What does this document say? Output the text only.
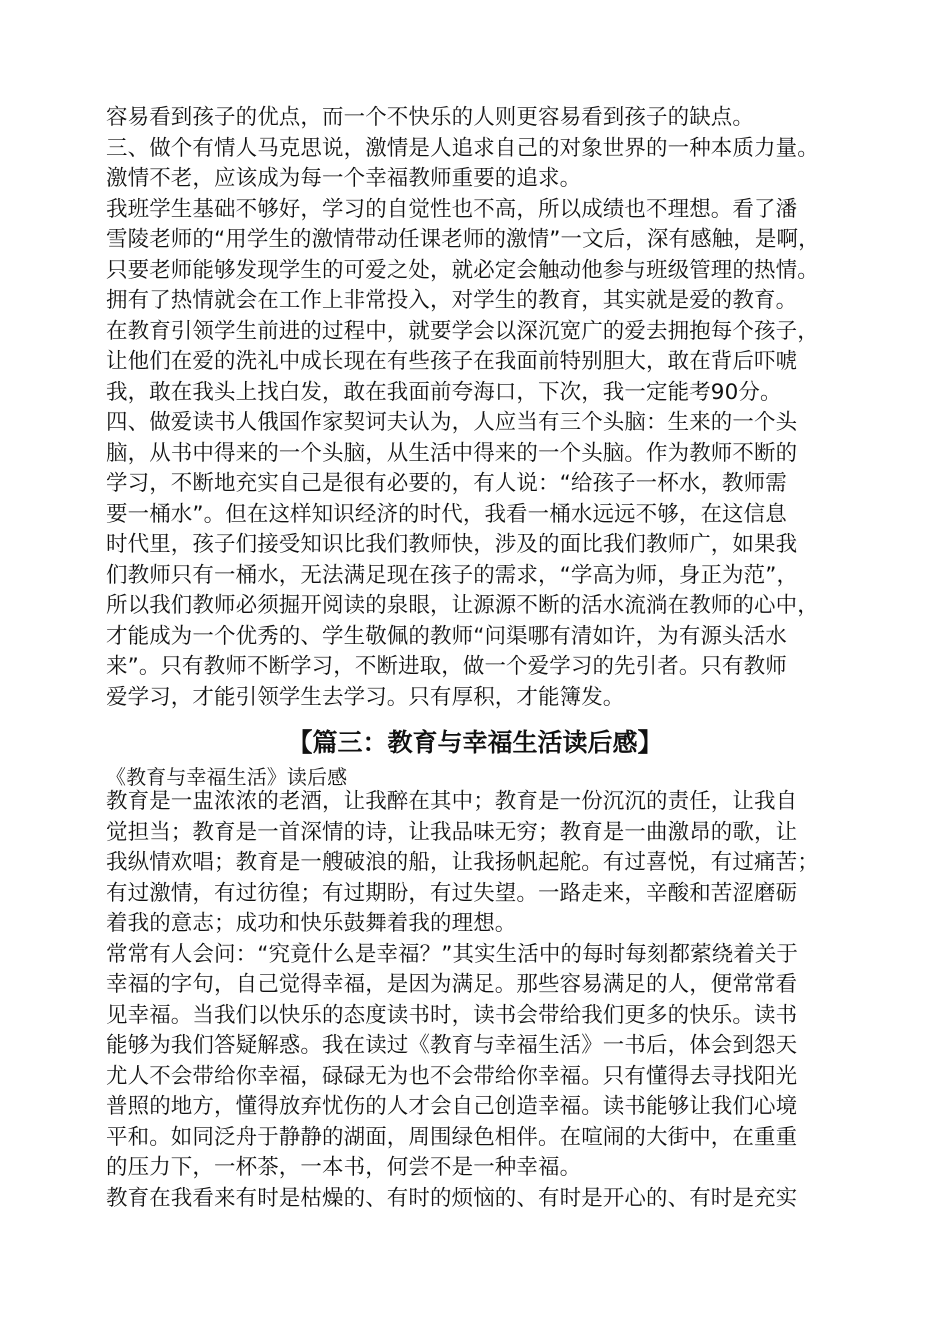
容易看到孩子的优点，而一个不快乐的人则更容易看到孩子的缺点。
三、做个有情人马克思说，激情是人追求自己的对象世界的一种本质力量。
激情不老，应该成为每一个幸福教师重要的追求。
我班学生基础不够好，学习的自觉性也不高，所以成绩也不理想。看了潘
雪陵老师的“用学生的激情带动任课老师的激情”一文后，深有感触，是啊，
只要老师能够发现学生的可爱之处，就必定会触动他参与班级管理的热情。
拥有了热情就会在工作上非常投入，对学生的教育，其实就是爱的教育。
在教育引领学生前进的过程中，就要学会以深沉宽广的爱去拥抱每个孩子，
让他们在爱的洗礼中成长现在有些孩子在我面前特别胆大，敢在背后吓唬
我，敢在我头上找白发，敢在我面前夸海口，下次，我一定能考90分。
四、做爱读书人俄国作家契诃夫认为，人应当有三个头脑：生来的一个头
脑，从书中得来的一个头脑，从生活中得来的一个头脑。作为教师不断的
学习，不断地充实自己是很有必要的，有人说：“给孩子一杯水，教师需
要一桶水”。但在这样知识经济的时代，我看一桶水远远不够，在这信息
时代里，孩子们接受知识比我们教师快，涉及的面比我们教师广，如果我
们教师只有一桶水，无法满足现在孩子的需求，“学高为师，身正为范”，
所以我们教师必须掘开阅读的泉眼，让源源不断的活水流淌在教师的心中，
才能成为一个优秀的、学生敬佩的教师“问渠哪有清如许，为有源头活水
来”。只有教师不断学习，不断进取，做一个爱学习的先引者。只有教师
爱学习，才能引领学生去学习。只有厚积，才能簿发。
【篇三：教育与幸福生活读后感】
《教育与幸福生活》读后感
教育是一盅浓浓的老酒，让我醉在其中；教育是一份沉沉的责任，让我自
觉担当；教育是一首深情的诗，让我品味无穷；教育是一曲激昂的歌，让
我纵情欢唱；教育是一艘破浪的船，让我扬帆起舵。有过喜悦，有过痛苦；
有过激情，有过彷徨；有过期盼，有过失望。一路走来，辛酸和苦涩磨砺
着我的意志；成功和快乐鼓舞着我的理想。
常常有人会问：“究竟什么是幸福？”其实生活中的每时每刻都萦绕着关于
幸福的字句，自己觉得幸福，是因为满足。那些容易满足的人，便常常看
见幸福。当我们以快乐的态度读书时，读书会带给我们更多的快乐。读书
能够为我们答疑解惑。我在读过《教育与幸福生活》一书后，体会到怨天
尤人不会带给你幸福，碌碌无为也不会带给你幸福。只有懂得去寻找阳光
普照的地方，懂得放弃忧伤的人才会自己创造幸福。读书能够让我们心境
平和。如同泛舟于静静的湖面，周围绿色相伴。在喧闹的大街中，在重重
的压力下，一杯茶，一本书，何尝不是一种幸福。
教育在我看来有时是枯燥的、有时的烦恼的、有时是开心的、有时是充实
